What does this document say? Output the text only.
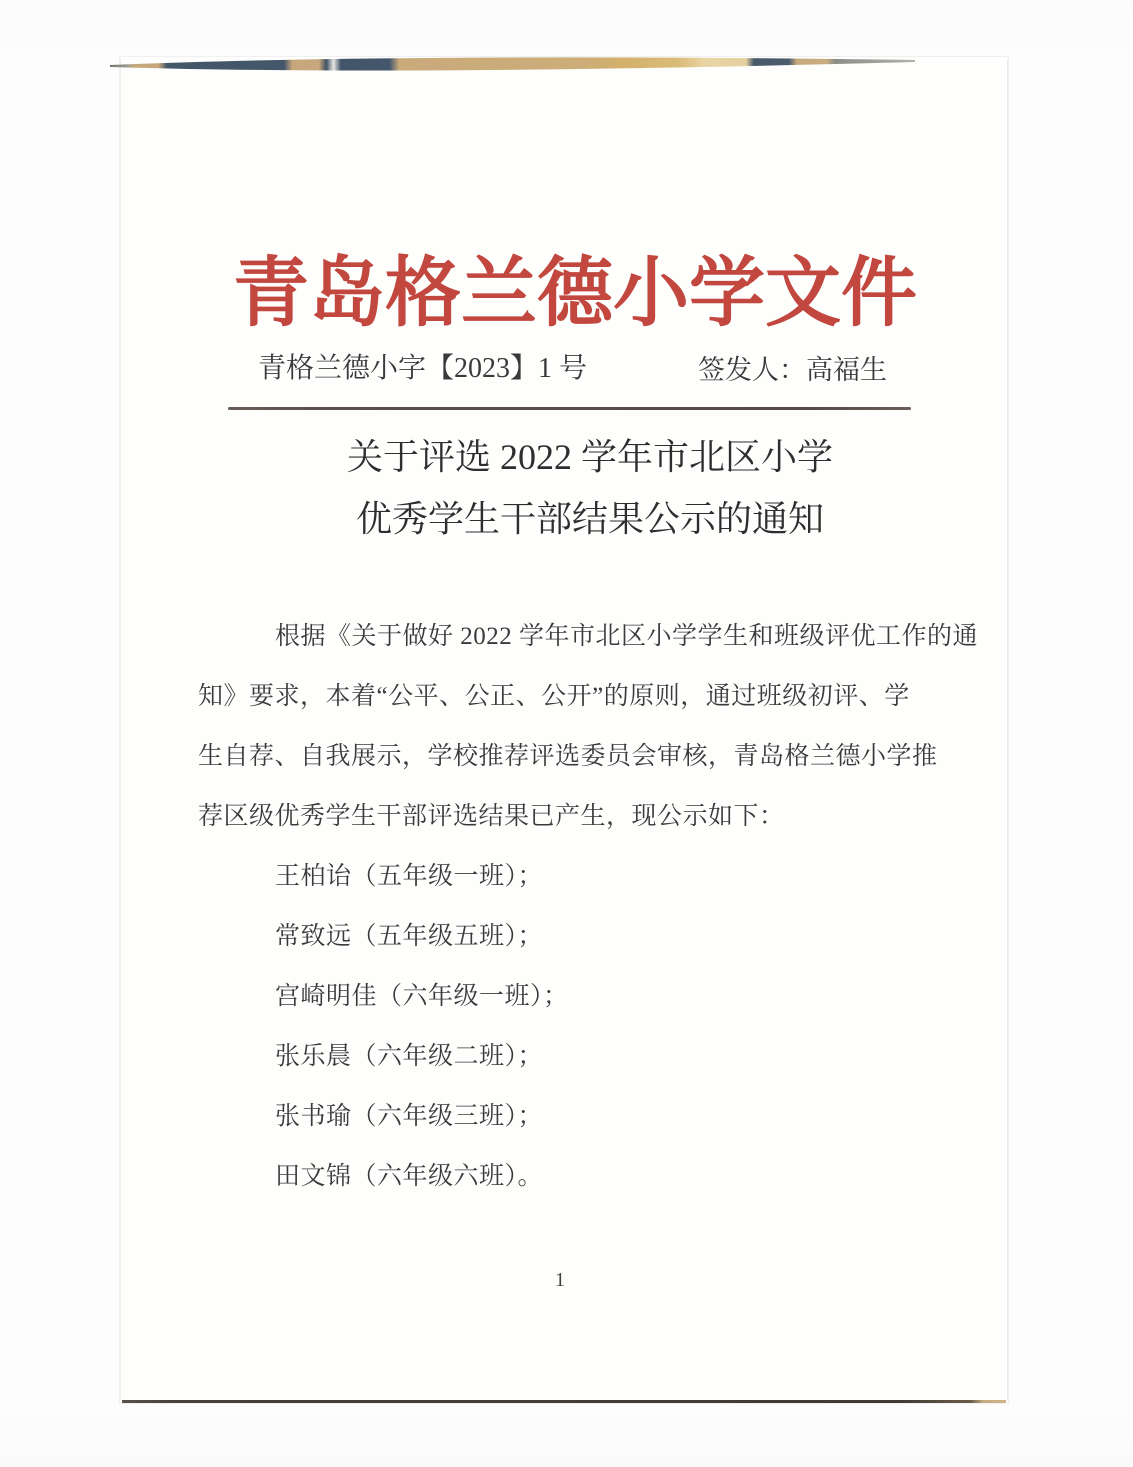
青岛格兰德小学文件
青格兰德小字【2023】1 号	签发人：高福生
关于评选 2022 学年市北区小学
优秀学生干部结果公示的通知
根据《关于做好 2022 学年市北区小学学生和班级评优工作的通
知》要求，本着“公平、公正、公开”的原则，通过班级初评、学
生自荐、自我展示，学校推荐评选委员会审核，青岛格兰德小学推
荐区级优秀学生干部评选结果已产生，现公示如下：
王柏诒（五年级一班）；
常致远（五年级五班）；
宫崎明佳（六年级一班）；
张乐晨（六年级二班）；
张书瑜（六年级三班）；
田文锦（六年级六班）。
1
